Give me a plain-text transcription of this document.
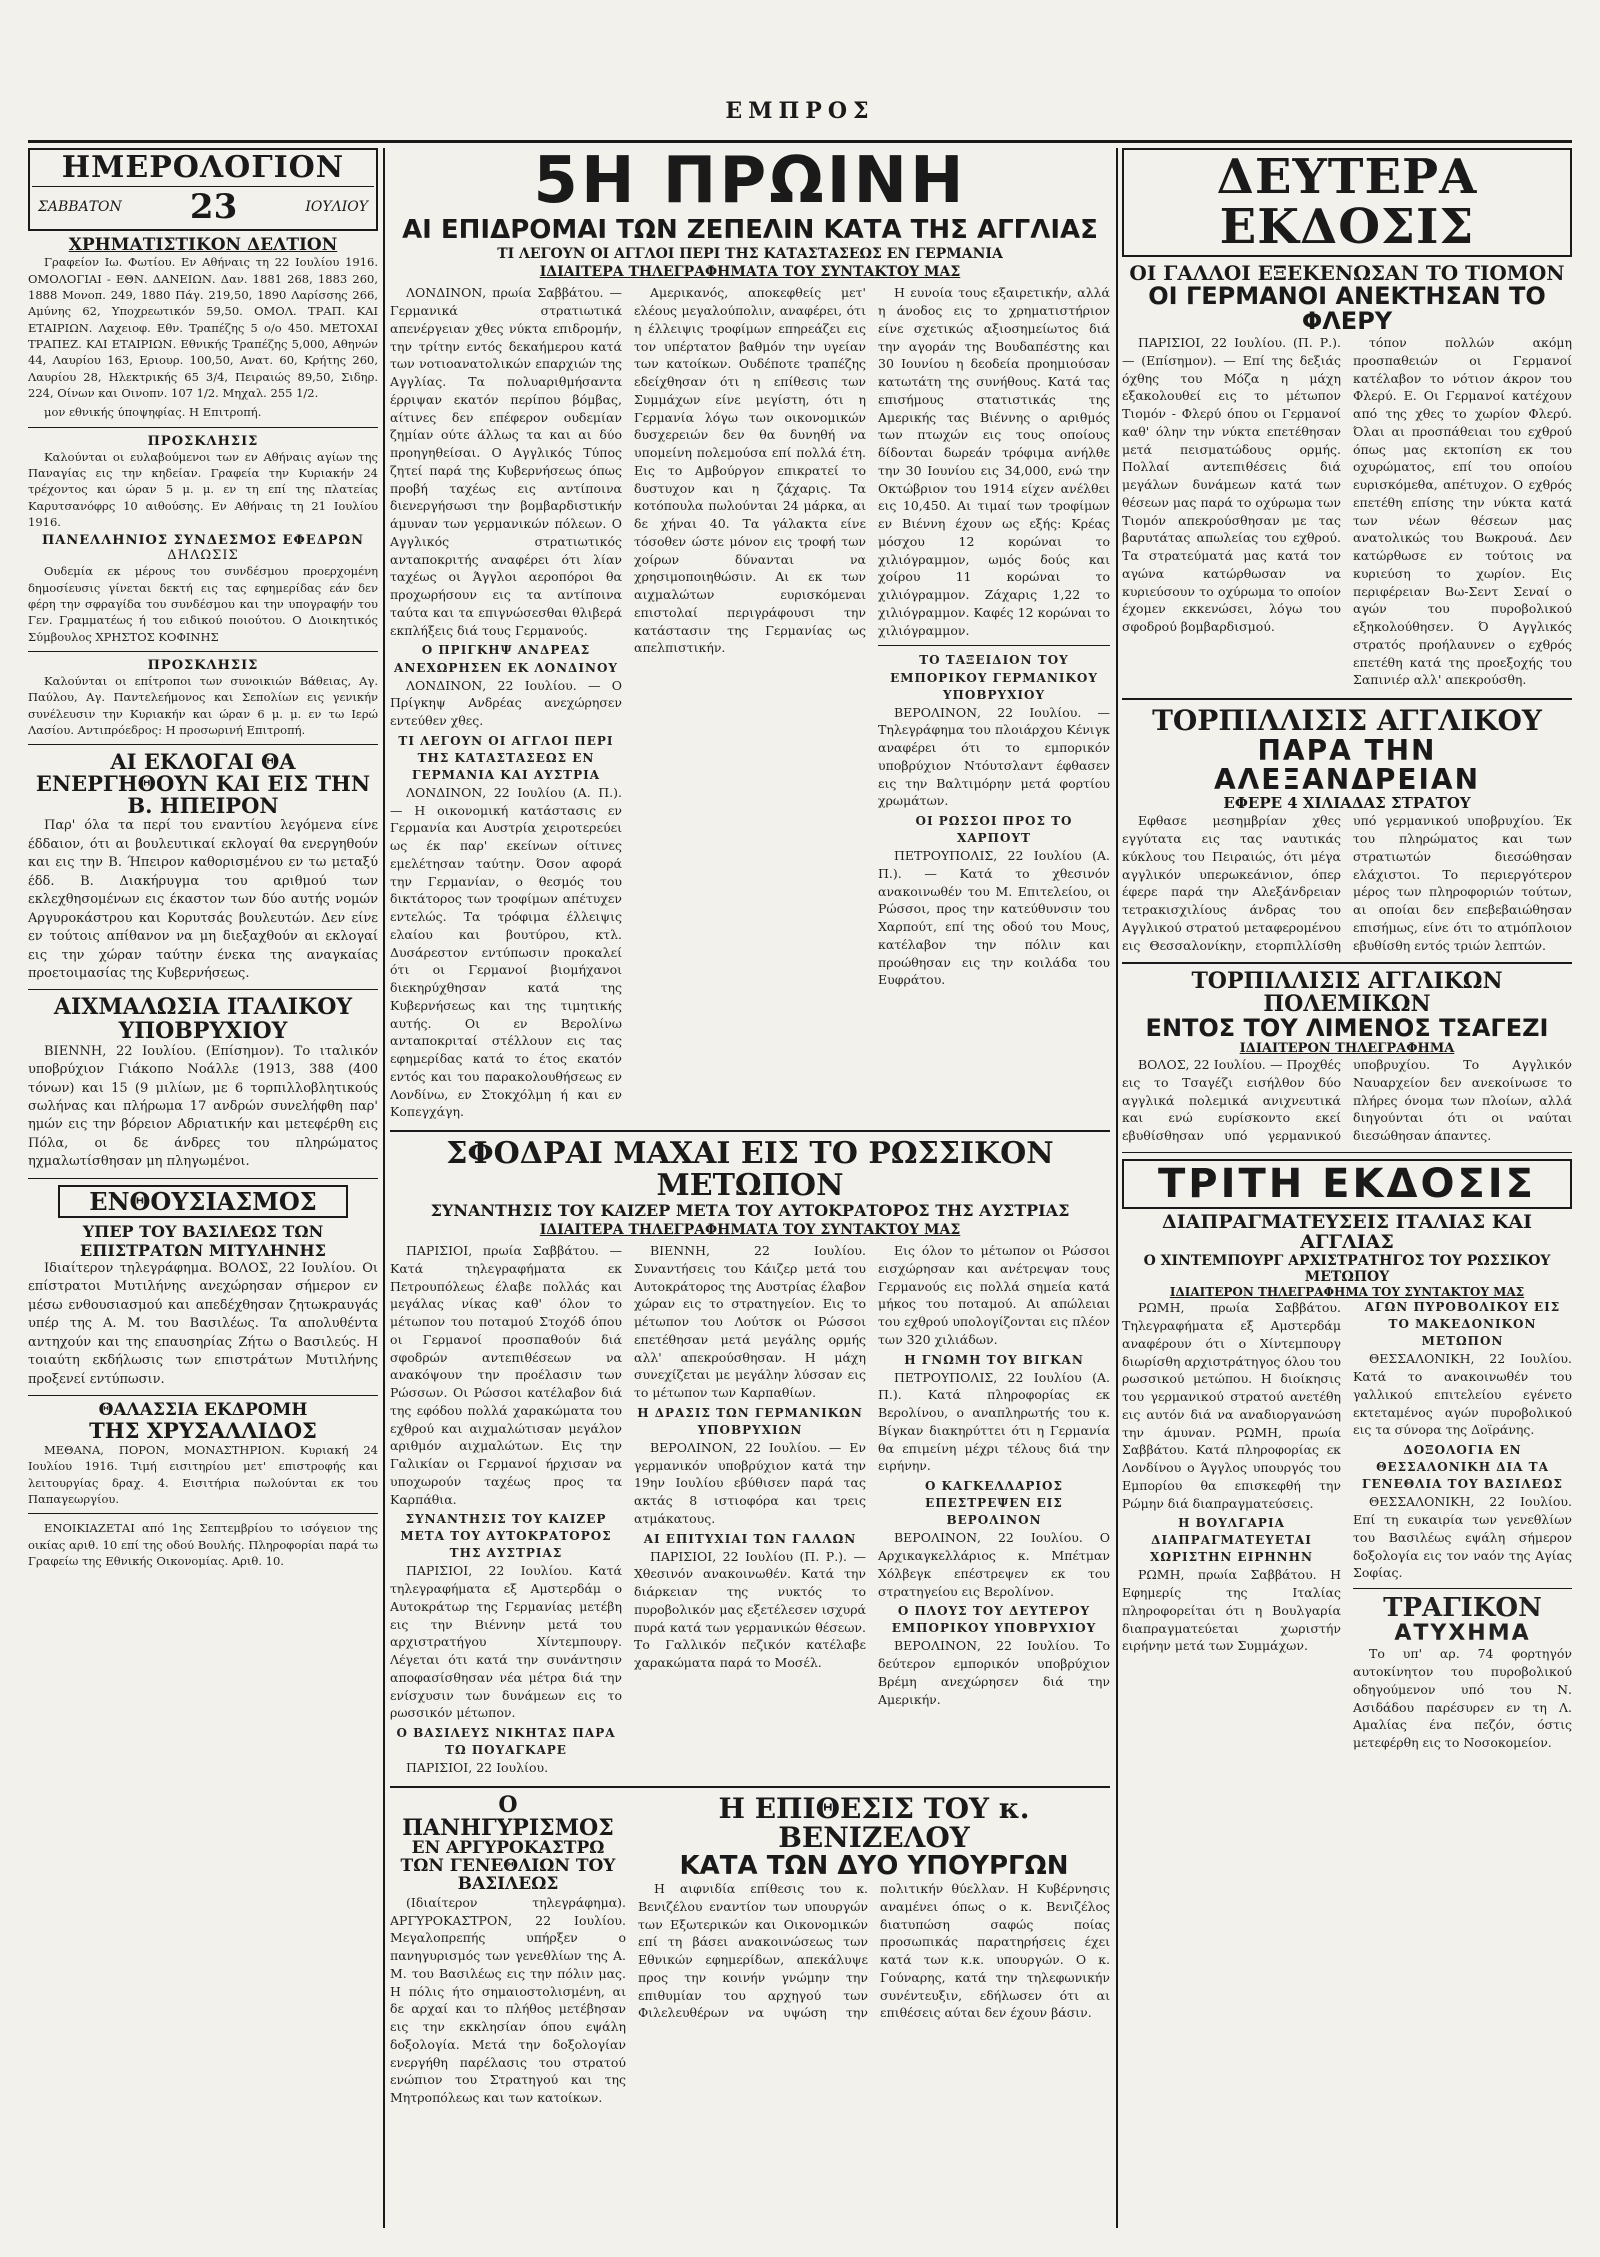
ΕΜΠΡΟΣ
ΗΜΕΡΟΛΟΓΙΟΝ
ΣΑΒΒΑΤΟΝ 23	ΙΟΥΛΙΟΥ
ΧΡΗΜΑΤΙΣΤΙΚΟΝ ΔΕΛΤΙΟΝ

Γραφείον Ιω. Φωτίου. Εν Αθήναις τη 22 Ιουλίου 1916. ΟΜΟΛΟΓΙΑΙ - ΕΘΝ. ΔΑΝΕΙΩΝ. Δαν. 1881 268, 1883 260, 1888 Μονοπ. 249, 1880 Πάγ. 219,50, 1890 Λαρίσσης 266, Αμύνης 62, Υποχρεωτικόν 59,50. ΟΜΟΛ. ΤΡΑΠ. ΚΑΙ ΕΤΑΙΡΙΩΝ. Λαχειοφ. Εθν. Τραπέζης 5 ο/ο 450. ΜΕΤΟΧΑΙ ΤΡΑΠΕΖ. ΚΑΙ ΕΤΑΙΡΙΩΝ. Εθνικής Τραπέζης 5,000, Αθηνών 44, Λαυρίου 163, Εριουρ. 100,50, Ανατ. 60, Κρήτης 260, Λαυρίου 28, Ηλεκτρικής 65 3/4, Πειραιώς 89,50, Σιδηρ. 224, Οίνων και Οινοπν. 107 1/2. Μηχαλ. 255 1/2.

μον εθνικής ύποψηφίας. Η Επιτροπή.

ΠΡΟΣΚΛΗΣΙΣ

Καλούνται οι ευλαβούμενοι των εν Αθήναις αγίων της Παναγίας εις την κηδείαν. Γραφεία την Κυριακήν 24 τρέχοντος και ώραν 5 μ. μ. εν τη επί της πλατείας Καρυτσανόφρς 10 αιθούσης. Εν Αθήναις τη 21 Ιουλίου 1916.

ΠΑΝΕΛΛΗΝΙΟΣ ΣΥΝΔΕΣΜΟΣ ΕΦΕΔΡΩΝ
ΔΗΛΩΣΙΣ

Ουδεμία εκ μέρους του συνδέσμου προερχομένη δημοσίευσις γίνεται δεκτή εις τας εφημερίδας εάν δεν φέρη την σφραγίδα του συνδέσμου και την υπογραφήν του Γεν. Γραμματέως ή του ειδικού ποιούτου. Ο Διοικητικός Σύμβουλος ΧΡΗΣΤΟΣ ΚΟΦΙΝΗΣ

ΠΡΟΣΚΛΗΣΙΣ

Καλούνται οι επίτροποι των συνοικιών Βάθειας, Αγ. Παύλου, Αγ. Παντελεήμονος και Σεπολίων εις γενικήν συνέλευσιν την Κυριακήν και ώραν 6 μ. μ. εν τω Ιερώ Λασίου. Αντιπρόεδρος: Η προσωρινή Επιτροπή.

ΑΙ ΕΚΛΟΓΑΙ ΘΑ ΕΝΕΡΓΗΘΟΥΝ ΚΑΙ ΕΙΣ ΤΗΝ Β. ΗΠΕΙΡΟΝ

Παρ' όλα τα περί του εναντίου λεγόμενα είνε έδδαιον, ότι αι βουλευτικαί εκλογαί θα ενεργηθούν και εις την Β. Ήπειρον καθορισμένου εν τω μεταξύ έδδ. Β. Διακήρυγμα του αριθμού των εκλεχθησομένων εις έκαστον των δύο αυτής νομών Αργυροκάστρου και Κορυτσάς βουλευτών. Δεν είνε εν τούτοις απίθανον να μη διεξαχθούν αι εκλογαί εις την χώραν ταύτην ένεκα της αναγκαίας προετοιμασίας της Κυβερνήσεως.

ΑΙΧΜΑΛΩΣΙΑ ΙΤΑΛΙΚΟΥ ΥΠΟΒΡΥΧΙΟΥ

ΒΙΕΝΝΗ, 22 Ιουλίου. (Επίσημον). Το ιταλικόν υποβρύχιον Γιάκοπο Νοάλλε (1913, 388 (400 τόνων) και 15 (9 μιλίων, με 6 τορπιλλοβλητικούς σωλήνας και πλήρωμα 17 ανδρών συνελήφθη παρ' ημών εις την βόρειον Αδριατικήν και μετεφέρθη εις Πόλα, οι δε άνδρες του πληρώματος ηχμαλωτίσθησαν μη πληγωμένοι.

ΕΝΘΟΥΣΙΑΣΜΟΣ
ΥΠΕΡ ΤΟΥ ΒΑΣΙΛΕΩΣ ΤΩΝ ΕΠΙΣΤΡΑΤΩΝ ΜΙΤΥΛΗΝΗΣ

Ιδιαίτερον τηλεγράφημα. ΒΟΛΟΣ, 22 Ιουλίου. Οι επίστρατοι Μυτιλήνης ανεχώρησαν σήμερον εν μέσω ενθουσιασμού και απεδέχθησαν ζητωκραυγάς υπέρ της Α. Μ. του Βασιλέως. Τα απολυθέντα αντηχούν και της επαυσηρίας Ζήτω ο Βασιλεύς. Η τοιαύτη εκδήλωσις των επιστράτων Μυτιλήνης προξενεί εντύπωσιν.

ΘΑΛΑΣΣΙΑ ΕΚΔΡΟΜΗ
ΤΗΣ ΧΡΥΣΑΛΛΙΔΟΣ

ΜΕΘΑΝΑ, ΠΟΡΟΝ, ΜΟΝΑΣΤΗΡΙΟΝ. Κυριακή 24 Ιουλίου 1916. Τιμή εισιτηρίου μετ' επιστροφής και λειτουργίας δραχ. 4. Εισιτήρια πωλούνται εκ του Παπαγεωργίου.

ΕΝΟΙΚΙΑΖΕΤΑΙ από 1ης Σεπτεμβρίου το ισόγειον της οικίας αριθ. 10 επί της οδού Βουλής. Πληροφορίαι παρά τω Γραφείω της Εθνικής Οικονομίας. Αριθ. 10.

5Η ΠΡΩΙΝΗ
ΑΙ ΕΠΙΔΡΟΜΑΙ ΤΩΝ ΖΕΠΕΛΙΝ ΚΑΤΑ ΤΗΣ ΑΓΓΛΙΑΣ
ΤΙ ΛΕΓΟΥΝ ΟΙ ΑΓΓΛΟΙ ΠΕΡΙ ΤΗΣ ΚΑΤΑΣΤΑΣΕΩΣ ΕΝ ΓΕΡΜΑΝΙΑ
ΙΔΙΑΙΤΕΡΑ ΤΗΛΕΓΡΑΦΗΜΑΤΑ ΤΟΥ ΣΥΝΤΑΚΤΟΥ ΜΑΣ

ΛΟΝΔΙΝΟΝ, πρωία Σαββάτου. — Γερμανικά στρατιωτικά απενέργειαν χθες νύκτα επιδρομήν, την τρίτην εντός δεκαήμερου κατά των νοτιοανατολικών επαρχιών της Αγγλίας. Τα πολυαριθμήσαντα έρριψαν εκατόν περίπου βόμβας, αίτινες δεν επέφερον ουδεμίαν ζημίαν ούτε άλλως τα και αι δύο προηγηθείσαι. Ο Αγγλικός Τύπος ζητεί παρά της Κυβερνήσεως όπως προβή ταχέως εις αντίποινα διενεργήσωσι την βομβαρδιστικήν άμυναν των γερμανικών πόλεων. Ο Αγγλικός στρατιωτικός ανταποκριτής αναφέρει ότι λίαν ταχέως οι Άγγλοι αεροπόροι θα προχωρήσουν εις τα αντίποινα ταύτα και τα επιγνώσεσθαι θλιβερά εκπλήξεις διά τους Γερμανούς.

Ο ΠΡΙΓΚΗΨ ΑΝΔΡΕΑΣ ΑΝΕΧΩΡΗΣΕΝ ΕΚ ΛΟΝΔΙΝΟΥ

ΛΟΝΔΙΝΟΝ, 22 Ιουλίου. — Ο Πρίγκηψ Ανδρέας ανεχώρησεν εντεύθεν χθες.

ΤΙ ΛΕΓΟΥΝ ΟΙ ΑΓΓΛΟΙ ΠΕΡΙ ΤΗΣ ΚΑΤΑΣΤΑΣΕΩΣ ΕΝ ΓΕΡΜΑΝΙΑ ΚΑΙ ΑΥΣΤΡΙΑ

ΛΟΝΔΙΝΟΝ, 22 Ιουλίου (Α. Π.). — Η οικονομική κατάστασις εν Γερμανία και Αυστρία χειροτερεύει ως έκ παρ' εκείνων οίτινες εμελέτησαν ταύτην. Όσον αφορά την Γερμανίαν, ο θεσμός του δικτάτορος των τροφίμων απέτυχεν εντελώς. Τα τρόφιμα έλλειψις ελαίου και βουτύρου, κτλ. Δυσάρεστον εντύπωσιν προκαλεί ότι οι Γερμανοί βιομήχανοι διεκηρύχθησαν κατά της Κυβερνήσεως και της τιμητικής αυτής. Οι εν Βερολίνω ανταποκριταί στέλλουν εις τας εφημερίδας κατά το έτος εκατόν εντός και του παρακολουθήσεως εν Λονδίνω, εν Στοκχόλμη ή και εν Κοπεγχάγη.

Αμερικανός, αποκεφθείς μετ' ελέους μεγαλούπολιν, αναφέρει, ότι η έλλειψις τροφίμων επηρεάζει εις τον υπέρτατον βαθμόν την υγείαν των κατοίκων. Ουδέποτε τραπέζης εδείχθησαν ότι η επίθεσις των Συμμάχων είνε μεγίστη, ότι η Γερμανία λόγω των οικονομικών δυσχερειών δεν θα δυνηθή να υπομείνη πολεμούσα επί πολλά έτη. Εις το Αμβούργον επικρατεί το δυστυχον και η ζάχαρις. Τα κοτόπουλα πωλούνται 24 μάρκα, αι δε χήναι 40. Τα γάλακτα είνε τόσοθεν ώστε μόνον εις τροφή των χοίρων δύνανται να χρησιμοποιηθώσιν. Αι εκ των αιχμαλώτων ευρισκόμεναι επιστολαί περιγράφουσι την κατάστασιν της Γερμανίας ως απελπιστικήν.

Η ευνοία τους εξαιρετικήν, αλλά η άνοδος εις το χρηματιστήριον είνε σχετικώς αξιοσημείωτος διά την αγοράν της Βουδαπέστης και 30 Ιουνίου η δεοδεία προημιούσαν κατωτάτη της συνήθους. Κατά τας επισήμους στατιστικάς της Αμερικής τας Βιέννης ο αριθμός των πτωχών εις τους οποίους δίδονται δωρεάν τρόφιμα ανήλθε την 30 Ιουνίου εις 34,000, ενώ την Οκτώβριον του 1914 είχεν ανέλθει εις 10,450. Αι τιμαί των τροφίμων εν Βιέννη έχουν ως εξής: Κρέας μόσχου 12 κορώναι το χιλιόγραμμον, ωμός δούς και χοίρου 11 κορώναι το χιλιόγραμμον. Ζάχαρις 1,22 το χιλιόγραμμον. Καφές 12 κορώναι το χιλιόγραμμον.

ΤΟ ΤΑΞΕΙΔΙΟΝ ΤΟΥ ΕΜΠΟΡΙΚΟΥ ΓΕΡΜΑΝΙΚΟΥ ΥΠΟΒΡΥΧΙΟΥ

ΒΕΡΟΛΙΝΟΝ, 22 Ιουλίου. — Τηλεγράφημα του πλοιάρχου Κένιγκ αναφέρει ότι το εμπορικόν υποβρύχιον Ντόυτσλαντ έφθασεν εις την Βαλτιμόρην μετά φορτίου χρωμάτων.

ΟΙ ΡΩΣΣΟΙ ΠΡΟΣ ΤΟ ΧΑΡΠΟΥΤ

ΠΕΤΡΟΥΠΟΛΙΣ, 22 Ιουλίου (Α. Π.). — Κατά το χθεσινόν ανακοινωθέν του Μ. Επιτελείου, οι Ρώσσοι, προς την κατεύθυνσιν του Χαρπούτ, επί της οδού του Μους, κατέλαβον την πόλιν και προώθησαν εις την κοιλάδα του Ευφράτου.

ΣΦΟΔΡΑΙ ΜΑΧΑΙ ΕΙΣ ΤΟ ΡΩΣΣΙΚΟΝ ΜΕΤΩΠΟΝ
ΣΥΝΑΝΤΗΣΙΣ ΤΟΥ ΚΑΙΖΕΡ ΜΕΤΑ ΤΟΥ ΑΥΤΟΚΡΑΤΟΡΟΣ ΤΗΣ ΑΥΣΤΡΙΑΣ
ΙΔΙΑΙΤΕΡΑ ΤΗΛΕΓΡΑΦΗΜΑΤΑ ΤΟΥ ΣΥΝΤΑΚΤΟΥ ΜΑΣ

ΠΑΡΙΣΙΟΙ, πρωία Σαββάτου. — Κατά τηλεγραφήματα εκ Πετρουπόλεως έλαβε πολλάς και μεγάλας νίκας καθ' όλον το μέτωπον του ποταμού Στοχόδ όπου οι Γερμανοί προσπαθούν διά σφοδρών αντεπιθέσεων να ανακόψουν την προέλασιν των Ρώσσων. Οι Ρώσσοι κατέλαβον διά της εφόδου πολλά χαρακώματα του εχθρού και αιχμαλώτισαν μεγάλον αριθμόν αιχμαλώτων. Εις την Γαλικίαν οι Γερμανοί ήρχισαν να υποχωρούν ταχέως προς τα Καρπάθια.

ΣΥΝΑΝΤΗΣΙΣ ΤΟΥ ΚΑΙΖΕΡ ΜΕΤΑ ΤΟΥ ΑΥΤΟΚΡΑΤΟΡΟΣ ΤΗΣ ΑΥΣΤΡΙΑΣ

ΠΑΡΙΣΙΟΙ, 22 Ιουλίου. Κατά τηλεγραφήματα εξ Αμστερδάμ ο Αυτοκράτωρ της Γερμανίας μετέβη εις την Βιέννην μετά του αρχιστρατήγου Χίντεμπουργ. Λέγεται ότι κατά την συνάντησιν αποφασίσθησαν νέα μέτρα διά την ενίσχυσιν των δυνάμεων εις το ρωσσικόν μέτωπον.

Ο ΒΑΣΙΛΕΥΣ ΝΙΚΗΤΑΣ ΠΑΡΑ ΤΩ ΠΟΥΑΓΚΑΡΕ

ΠΑΡΙΣΙΟΙ, 22 Ιουλίου.

ΒΙΕΝΝΗ, 22 Ιουλίου. Συναντήσεις του Κάιζερ μετά του Αυτοκράτορος της Αυστρίας έλαβον χώραν εις το στρατηγείον. Εις το μέτωπον του Λούτσκ οι Ρώσσοι επετέθησαν μετά μεγάλης ορμής αλλ' απεκρούσθησαν. Η μάχη συνεχίζεται με μεγάλην λύσσαν εις το μέτωπον των Καρπαθίων.

Η ΔΡΑΣΙΣ ΤΩΝ ΓΕΡΜΑΝΙΚΩΝ ΥΠΟΒΡΥΧΙΩΝ

ΒΕΡΟΛΙΝΟΝ, 22 Ιουλίου. — Εν γερμανικόν υποβρύχιον κατά την 19ην Ιουλίου εβύθισεν παρά τας ακτάς 8 ιστιοφόρα και τρεις ατμάκατους.

ΑΙ ΕΠΙΤΥΧΙΑΙ ΤΩΝ ΓΑΛΛΩΝ

ΠΑΡΙΣΙΟΙ, 22 Ιουλίου (Π. Ρ.). — Χθεσινόν ανακοινωθέν. Κατά την διάρκειαν της νυκτός το πυροβολικόν μας εξετέλεσεν ισχυρά πυρά κατά των γερμανικών θέσεων. Το Γαλλικόν πεζικόν κατέλαβε χαρακώματα παρά το Μοσέλ.

Εις όλον το μέτωπον οι Ρώσσοι εισχώρησαν και ανέτρεψαν τους Γερμανούς εις πολλά σημεία κατά μήκος του ποταμού. Αι απώλειαι του εχθρού υπολογίζονται εις πλέον των 320 χιλιάδων.

Η ΓΝΩΜΗ ΤΟΥ ΒΙΓΚΑΝ

ΠΕΤΡΟΥΠΟΛΙΣ, 22 Ιουλίου (Α. Π.). Κατά πληροφορίας εκ Βερολίνου, ο αναπληρωτής του κ. Βίγκαν διακηρύττει ότι η Γερμανία θα επιμείνη μέχρι τέλους διά την ειρήνην.

Ο ΚΑΓΚΕΛΛΑΡΙΟΣ ΕΠΕΣΤΡΕΨΕΝ ΕΙΣ ΒΕΡΟΛΙΝΟΝ

ΒΕΡΟΛΙΝΟΝ, 22 Ιουλίου. Ο Αρχικαγκελλάριος κ. Μπέτμαν Χόλβεγκ επέστρεψεν εκ του στρατηγείου εις Βερολίνον.

Ο ΠΛΟΥΣ ΤΟΥ ΔΕΥΤΕΡΟΥ ΕΜΠΟΡΙΚΟΥ ΥΠΟΒΡΥΧΙΟΥ

ΒΕΡΟΛΙΝΟΝ, 22 Ιουλίου. Το δεύτερον εμπορικόν υποβρύχιον Βρέμη ανεχώρησεν διά την Αμερικήν.

Ο ΠΑΝΗΓΥΡΙΣΜΟΣ
ΕΝ ΑΡΓΥΡΟΚΑΣΤΡΩ ΤΩΝ ΓΕΝΕΘΛΙΩΝ ΤΟΥ ΒΑΣΙΛΕΩΣ

(Ιδιαίτερον τηλεγράφημα). ΑΡΓΥΡΟΚΑΣΤΡΟΝ, 22 Ιουλίου. Μεγαλοπρεπής υπήρξεν ο πανηγυρισμός των γενεθλίων της Α. Μ. του Βασιλέως εις την πόλιν μας. Η πόλις ήτο σημαιοστολισμένη, αι δε αρχαί και το πλήθος μετέβησαν εις την εκκλησίαν όπου εψάλη δοξολογία. Μετά την δοξολογίαν ενεργήθη παρέλασις του στρατού ενώπιον του Στρατηγού και της Μητροπόλεως και των κατοίκων.

Η ΕΠΙΘΕΣΙΣ ΤΟΥ κ. ΒΕΝΙΖΕΛΟΥ
ΚΑΤΑ ΤΩΝ ΔΥΟ ΥΠΟΥΡΓΩΝ

Η αιφνιδία επίθεσις του κ. Βενιζέλου εναντίον των υπουργών των Εξωτερικών και Οικονομικών επί τη βάσει ανακοινώσεως των Εθνικών εφημερίδων, απεκάλυψε προς την κοινήν γνώμην την επιθυμίαν του αρχηγού των Φιλελευθέρων να υψώση την πολιτικήν θύελλαν. Η Κυβέρνησις αναμένει όπως ο κ. Βενιζέλος διατυπώση σαφώς ποίας προσωπικάς παρατηρήσεις έχει κατά των κ.κ. υπουργών. Ο κ. Γούναρης, κατά την τηλεφωνικήν συνέντευξιν, εδήλωσεν ότι αι επιθέσεις αύται δεν έχουν βάσιν.

ΔΕΥΤΕΡΑ ΕΚΔΟΣΙΣ
ΟΙ ΓΑΛΛΟΙ ΕΞΕΚΕΝΩΣΑΝ ΤΟ ΤΙΟΜΟΝ
ΟΙ ΓΕΡΜΑΝΟΙ ΑΝΕΚΤΗΣΑΝ ΤΟ ΦΛΕΡΥ

ΠΑΡΙΣΙΟΙ, 22 Ιουλίου. (Π. Ρ.). — (Επίσημον). — Επί της δεξιάς όχθης του Μόζα η μάχη εξακολουθεί εις το μέτωπον Τιομόν - Φλερύ όπου οι Γερμανοί καθ' όλην την νύκτα επετέθησαν μετά πεισματώδους ορμής. Πολλαί αντεπιθέσεις διά μεγάλων δυνάμεων κατά των θέσεων μας παρά το οχύρωμα των Τιομόν απεκρούσθησαν με τας βαρυτάτας απωλείας του εχθρού. Τα στρατεύματά μας κατά τον αγώνα κατώρθωσαν να κυριεύσουν το οχύρωμα το οποίον έχομεν εκκενώσει, λόγω του σφοδρού βομβαρδισμού.

τόπον πολλών ακόμη προσπαθειών οι Γερμανοί κατέλαβον το νότιον άκρον του Φλερύ. Ε. Οι Γερμανοί κατέχουν από της χθες το χωρίον Φλερύ. Όλαι αι προσπάθειαι του εχθρού όπως μας εκτοπίση εκ του οχυρώματος, επί του οποίου ευρισκόμεθα, απέτυχον. Ο εχθρός επετέθη επίσης την νύκτα κατά των νέων θέσεων μας ανατολικώς του Βωκρουά. Δεν κατώρθωσε εν τούτοις να κυριεύση το χωρίον. Εις περιφέρειαν Βω-Σεντ Σεναί ο αγών του πυροβολικού εξηκολούθησεν. Ό Αγγλικός στρατός προήλαυνεν ο εχθρός επετέθη κατά της προεξοχής του Σαπινιέρ αλλ' απεκρούσθη.

ΤΟΡΠΙΛΛΙΣΙΣ ΑΓΓΛΙΚΟΥ
ΠΑΡΑ ΤΗΝ ΑΛΕΞΑΝΔΡΕΙΑΝ
ΕΦΕΡΕ 4 ΧΙΛΙΑΔΑΣ ΣΤΡΑΤΟΥ

Εφθασε μεσημβρίαν χθες εγγύτατα εις τας ναυτικάς κύκλους του Πειραιώς, ότι μέγα αγγλικόν υπερωκεάνιον, όπερ έφερε παρά την Αλεξάνδρειαν τετρακισχιλίους άνδρας του Αγγλικού στρατού μεταφερομένου εις Θεσσαλονίκην, ετορπιλλίσθη υπό γερμανικού υποβρυχίου. Έκ του πληρώματος και των στρατιωτών διεσώθησαν ελάχιστοι. Το περιεργότερον μέρος των πληροφοριών τούτων, αι οποίαι δεν επεβεβαιώθησαν επισήμως, είνε ότι το ατμόπλοιον εβυθίσθη εντός τριών λεπτών.

ΤΟΡΠΙΛΛΙΣΙΣ ΑΓΓΛΙΚΩΝ ΠΟΛΕΜΙΚΩΝ
ΕΝΤΟΣ ΤΟΥ ΛΙΜΕΝΟΣ ΤΣΑΓΕΖΙ
ΙΔΙΑΙΤΕΡΟΝ ΤΗΛΕΓΡΑΦΗΜΑ

ΒΟΛΟΣ, 22 Ιουλίου. — Προχθές εις το Τσαγέζι εισήλθον δύο αγγλικά πολεμικά ανιχνευτικά και ενώ ευρίσκοντο εκεί εβυθίσθησαν υπό γερμανικού υποβρυχίου. Το Αγγλικόν Ναυαρχείον δεν ανεκοίνωσε το πλήρες όνομα των πλοίων, αλλά διηγούνται ότι οι ναύται διεσώθησαν άπαντες.

ΤΡΙΤΗ ΕΚΔΟΣΙΣ
ΔΙΑΠΡΑΓΜΑΤΕΥΣΕΙΣ ΙΤΑΛΙΑΣ ΚΑΙ ΑΓΓΛΙΑΣ
Ο ΧΙΝΤΕΜΠΟΥΡΓ ΑΡΧΙΣΤΡΑΤΗΓΟΣ ΤΟΥ ΡΩΣΣΙΚΟΥ ΜΕΤΩΠΟΥ
ΙΔΙΑΙΤΕΡΟΝ ΤΗΛΕΓΡΑΦΗΜΑ ΤΟΥ ΣΥΝΤΑΚΤΟΥ ΜΑΣ

ΡΩΜΗ, πρωία Σαββάτου. Τηλεγραφήματα εξ Αμστερδάμ αναφέρουν ότι ο Χίντεμπουργ διωρίσθη αρχιστράτηγος όλου του ρωσσικού μετώπου. Η διοίκησις του γερμανικού στρατού ανετέθη εις αυτόν διά να αναδιοργανώση την άμυναν. ΡΩΜΗ, πρωία Σαββάτου. Κατά πληροφορίας εκ Λονδίνου ο Άγγλος υπουργός του Εμπορίου θα επισκεφθή την Ρώμην διά διαπραγματεύσεις.

Η ΒΟΥΛΓΑΡΙΑ ΔΙΑΠΡΑΓΜΑΤΕΥΕΤΑΙ ΧΩΡΙΣΤΗΝ ΕΙΡΗΝΗΝ

ΡΩΜΗ, πρωία Σαββάτου. Η Εφημερίς της Ιταλίας πληροφορείται ότι η Βουλγαρία διαπραγματεύεται χωριστήν ειρήνην μετά των Συμμάχων.

ΑΓΩΝ ΠΥΡΟΒΟΛΙΚΟΥ ΕΙΣ ΤΟ ΜΑΚΕΔΟΝΙΚΟΝ ΜΕΤΩΠΟΝ

ΘΕΣΣΑΛΟΝΙΚΗ, 22 Ιουλίου. Κατά το ανακοινωθέν του γαλλικού επιτελείου εγένετο εκτεταμένος αγών πυροβολικού εις τα σύνορα της Δοϊράνης.

ΔΟΞΟΛΟΓΙΑ ΕΝ ΘΕΣΣΑΛΟΝΙΚΗ ΔΙΑ ΤΑ ΓΕΝΕΘΛΙΑ ΤΟΥ ΒΑΣΙΛΕΩΣ

ΘΕΣΣΑΛΟΝΙΚΗ, 22 Ιουλίου. Επί τη ευκαιρία των γενεθλίων του Βασιλέως εψάλη σήμερον δοξολογία εις τον ναόν της Αγίας Σοφίας.

ΤΡΑΓΙΚΟΝ
ΑΤΥΧΗΜΑ

Το υπ' αρ. 74 φορτηγόν αυτοκίνητον του πυροβολικού οδηγούμενον υπό του Ν. Ασιδάδου παρέσυρεν εν τη Λ. Αμαλίας ένα πεζόν, όστις μετεφέρθη εις το Νοσοκομείον.
